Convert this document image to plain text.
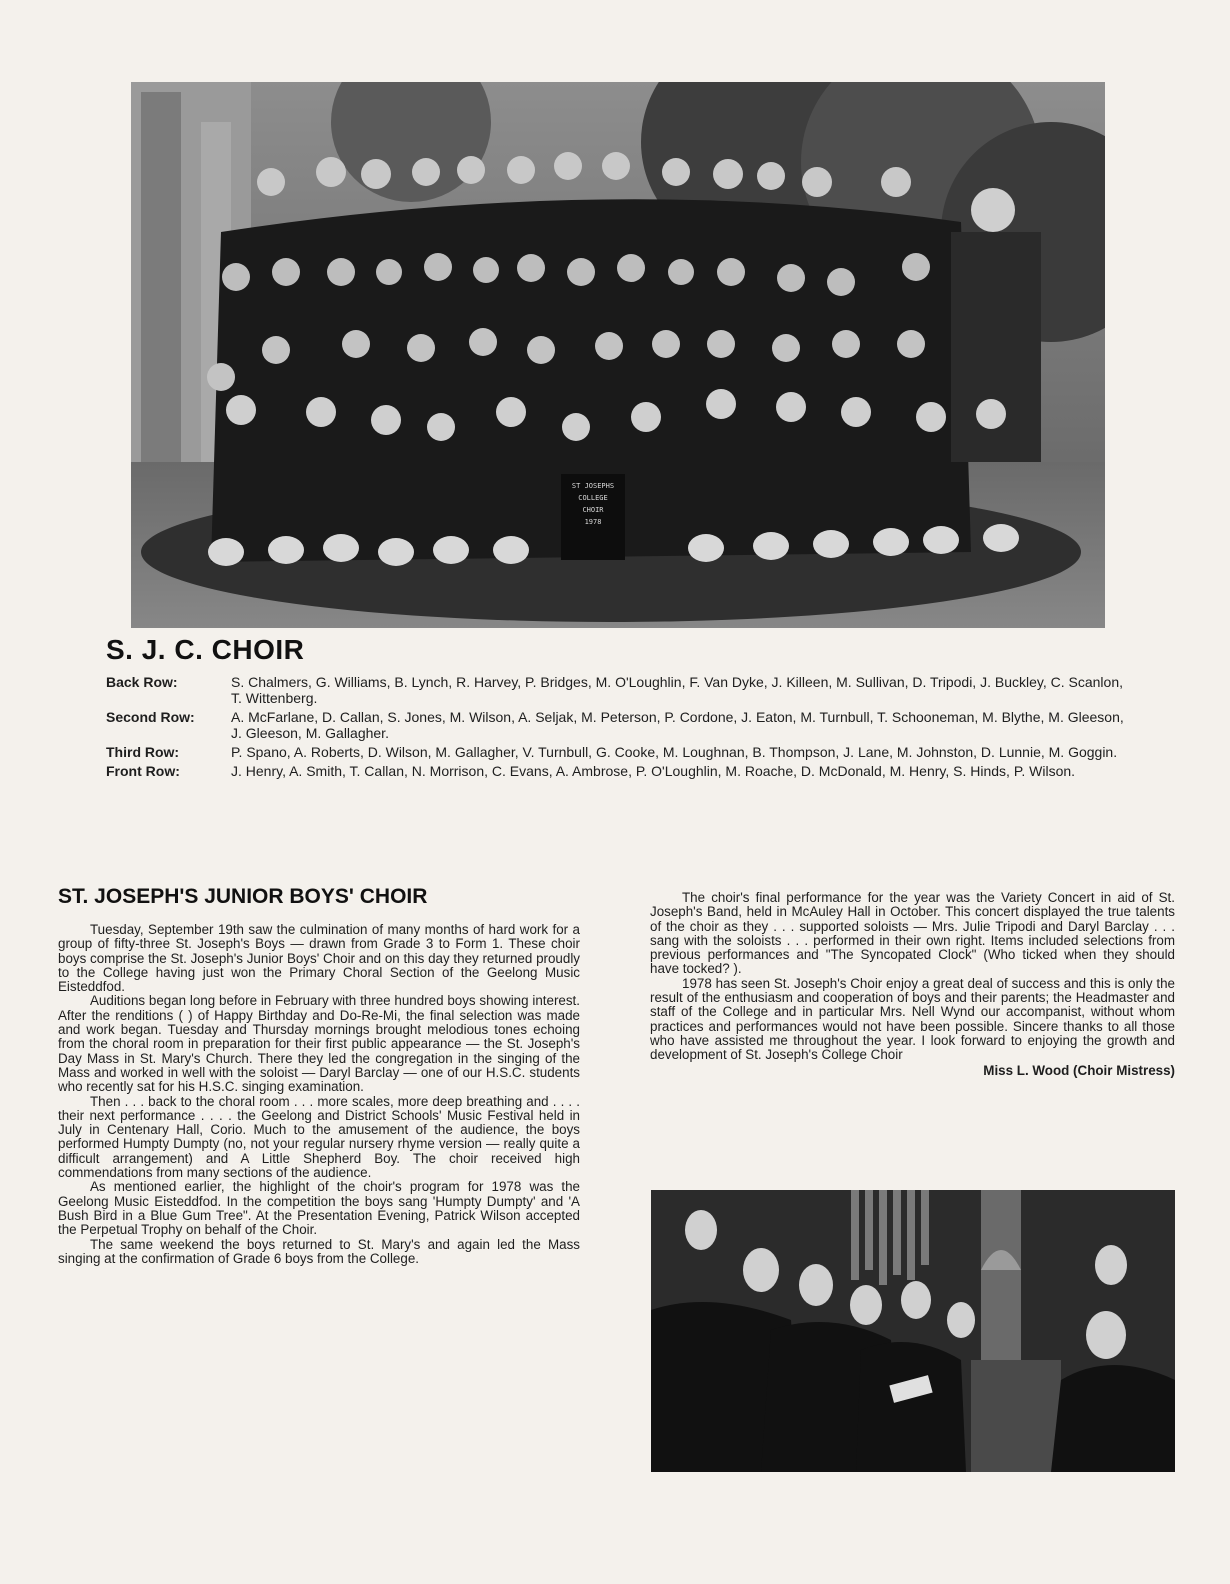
ST JOSEPHS
COLLEGE
CHOIR
1978
S. J. C. CHOIR
Back Row:	S. Chalmers, G. Williams, B. Lynch, R. Harvey, P. Bridges, M. O'Loughlin, F. Van Dyke, J. Killeen, M. Sullivan, D. Tripodi, J. Buckley, C. Scanlon, T. Wittenberg.
Second Row:	A. McFarlane, D. Callan, S. Jones, M. Wilson, A. Seljak, M. Peterson, P. Cordone, J. Eaton, M. Turnbull, T. Schooneman, M. Blythe, M. Gleeson, J. Gleeson, M. Gallagher.
Third Row:	P. Spano, A. Roberts, D. Wilson, M. Gallagher, V. Turnbull, G. Cooke, M. Loughnan, B. Thompson, J. Lane, M. Johnston, D. Lunnie, M. Goggin.
Front Row:	J. Henry, A. Smith, T. Callan, N. Morrison, C. Evans, A. Ambrose, P. O'Loughlin, M. Roache, D. McDonald, M. Henry, S. Hinds, P. Wilson.
ST. JOSEPH'S JUNIOR BOYS' CHOIR

Tuesday, September 19th saw the culmination of many months of hard work for a group of fifty-three St. Joseph's Boys — drawn from Grade 3 to Form 1. These choir boys comprise the St. Joseph's Junior Boys' Choir and on this day they returned proudly to the College having just won the Primary Choral Section of the Geelong Music Eisteddfod.

Auditions began long before in February with three hundred boys showing interest. After the renditions ( ) of Happy Birthday and Do-Re-Mi, the final selection was made and work began. Tuesday and Thursday mornings brought melodious tones echoing from the choral room in preparation for their first public appearance — the St. Joseph's Day Mass in St. Mary's Church. There they led the congregation in the singing of the Mass and worked in well with the soloist — Daryl Barclay — one of our H.S.C. students who recently sat for his H.S.C. singing examination.

Then . . . back to the choral room . . . more scales, more deep breathing and . . . . their next performance . . . . the Geelong and District Schools' Music Festival held in July in Centenary Hall, Corio. Much to the amusement of the audience, the boys performed Humpty Dumpty (no, not your regular nursery rhyme version — really quite a difficult arrangement) and A Little Shepherd Boy. The choir received high commendations from many sections of the audience.

As mentioned earlier, the highlight of the choir's program for 1978 was the Geelong Music Eisteddfod. In the competition the boys sang 'Humpty Dumpty' and 'A Bush Bird in a Blue Gum Tree". At the Presentation Evening, Patrick Wilson accepted the Perpetual Trophy on behalf of the Choir.

The same weekend the boys returned to St. Mary's and again led the Mass singing at the confirmation of Grade 6 boys from the College.

The choir's final performance for the year was the Variety Concert in aid of St. Joseph's Band, held in McAuley Hall in October. This concert displayed the true talents of the choir as they . . . supported soloists — Mrs. Julie Tripodi and Daryl Barclay . . . sang with the soloists . . . performed in their own right. Items included selections from previous performances and "The Syncopated Clock" (Who ticked when they should have tocked? ).

1978 has seen St. Joseph's Choir enjoy a great deal of success and this is only the result of the enthusiasm and cooperation of boys and their parents; the Headmaster and staff of the College and in particular Mrs. Nell Wynd our accompanist, without whom practices and performances would not have been possible. Sincere thanks to all those who have assisted me throughout the year. I look forward to enjoying the growth and development of St. Joseph's College Choir

Miss L. Wood (Choir Mistress)
